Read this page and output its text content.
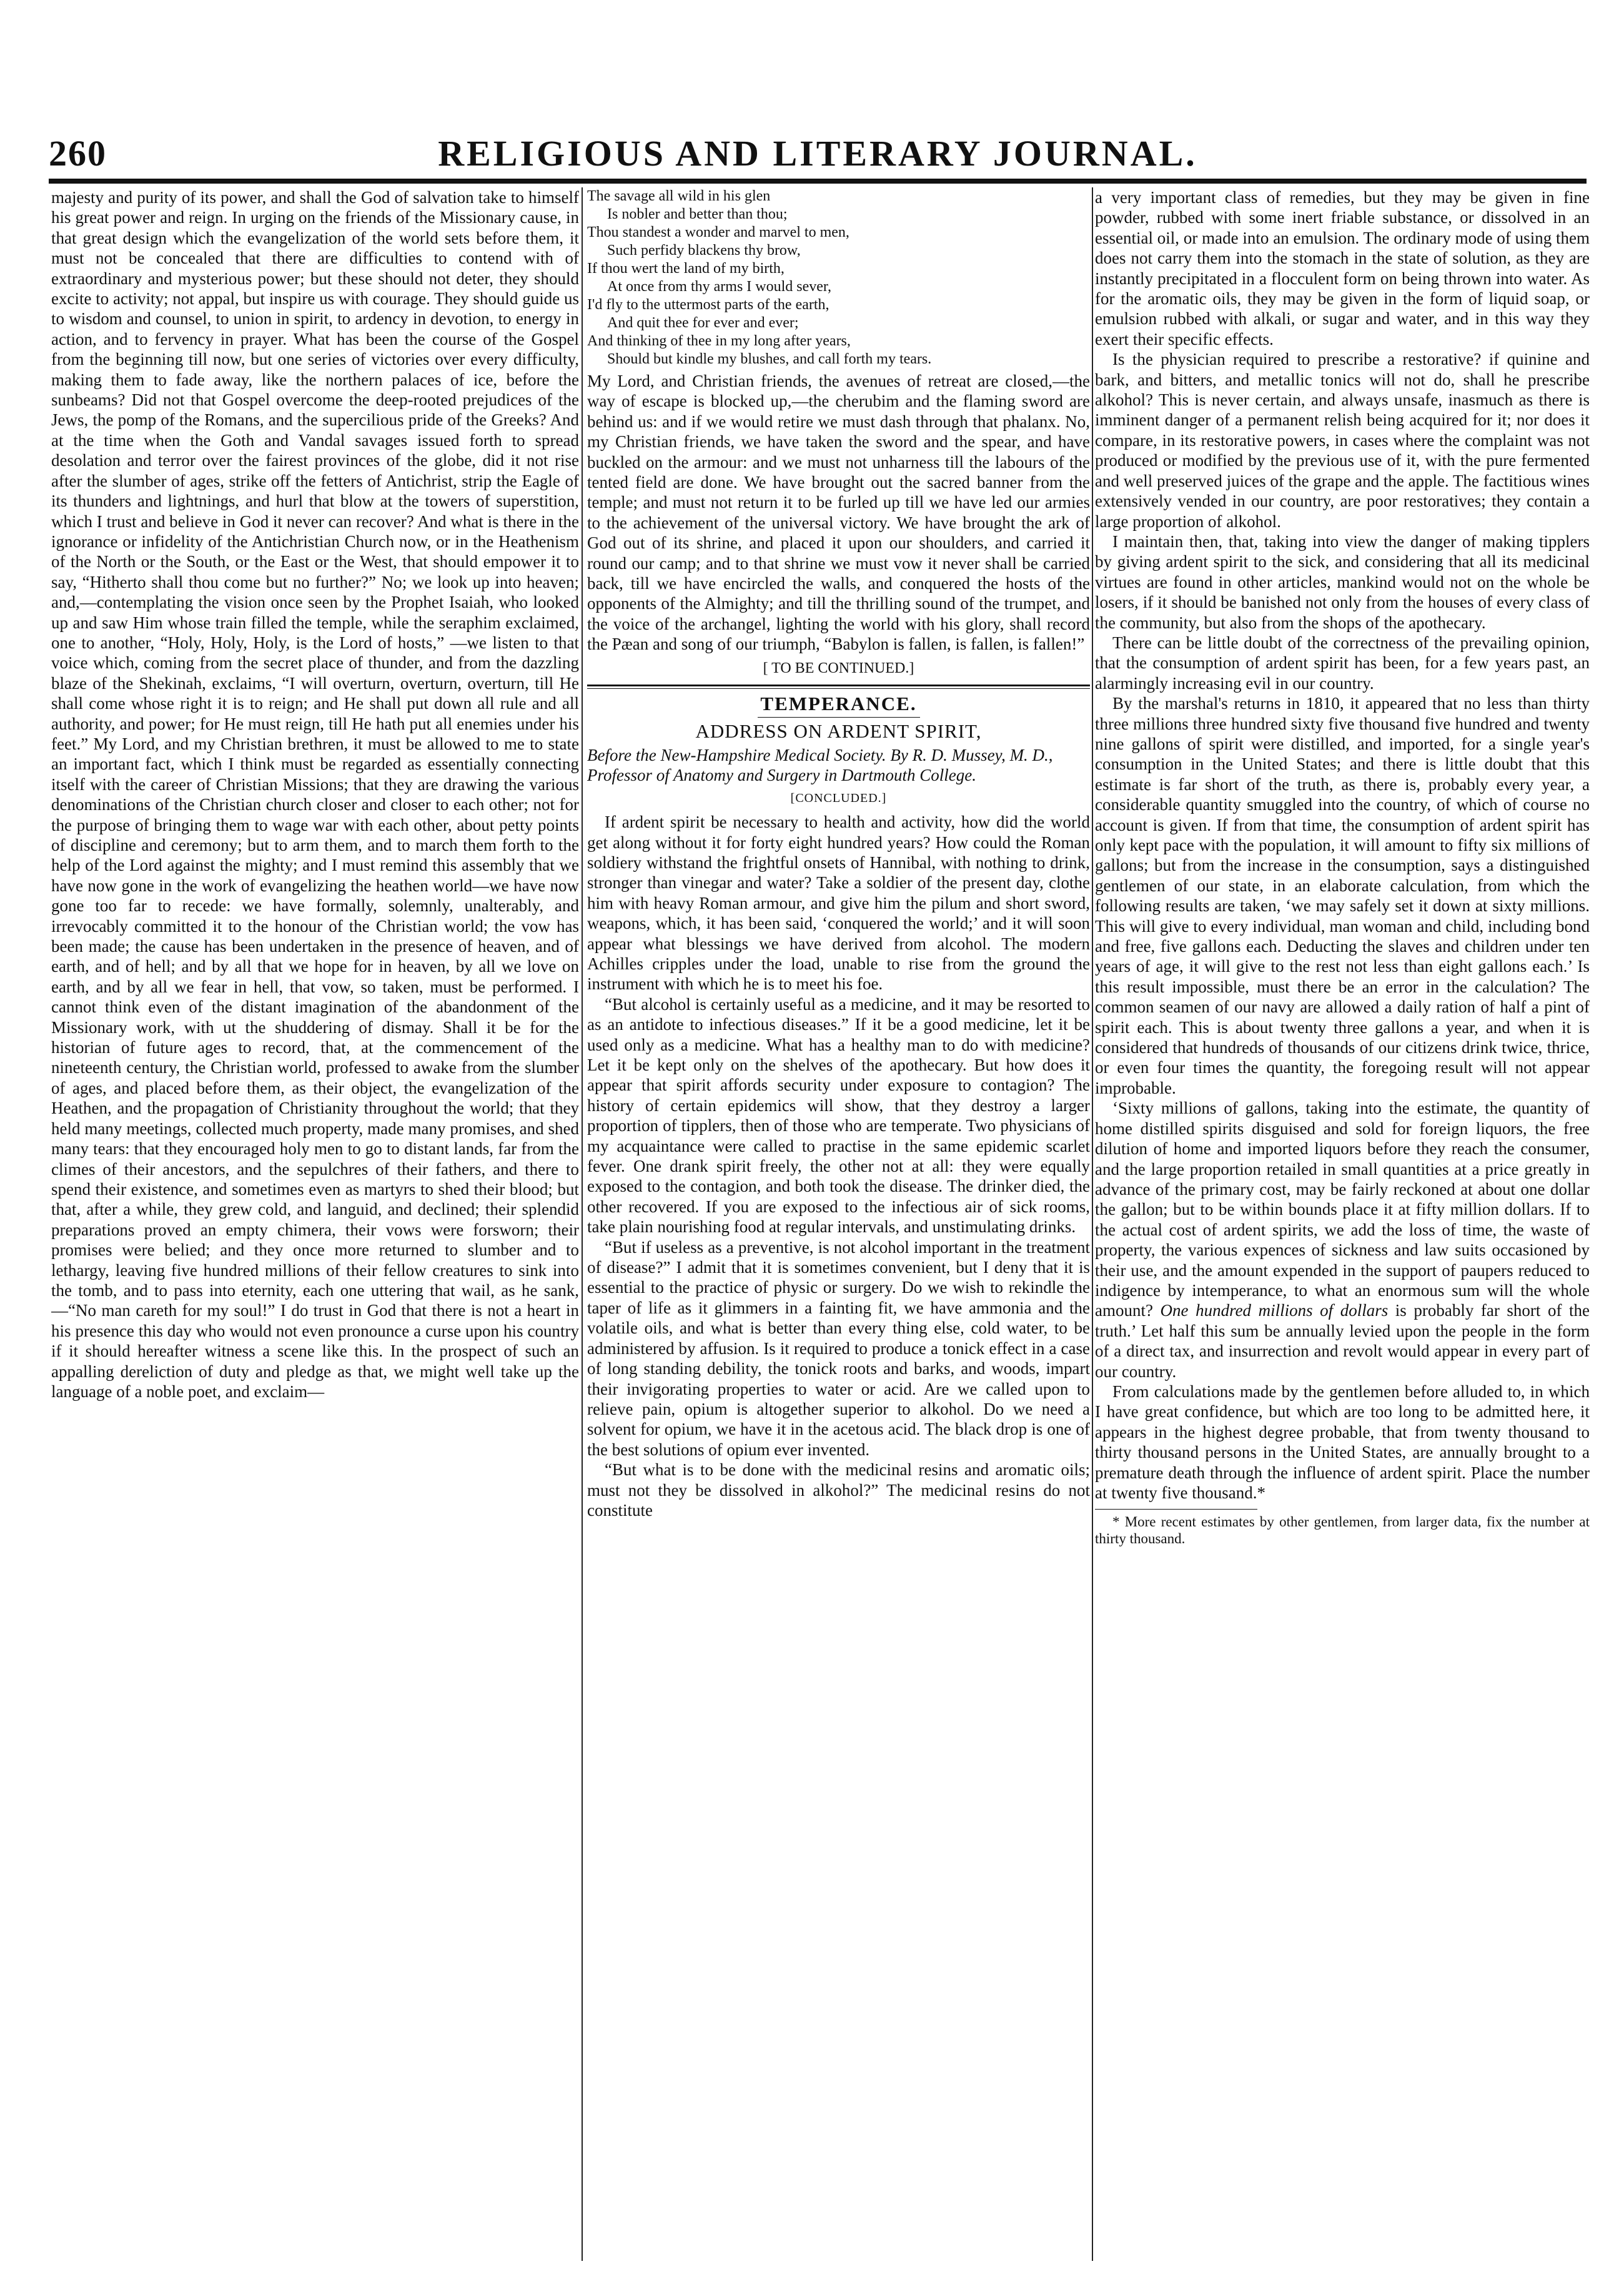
260	RELIGIOUS AND LITERARY JOURNAL.

majesty and purity of its power, and shall the God of salvation take to himself his great power and reign. In urging on the friends of the Missionary cause, in that great design which the evangelization of the world sets before them, it must not be concealed that there are difficulties to contend with of extraordinary and mysterious power; but these should not deter, they should excite to activity; not appal, but inspire us with courage. They should guide us to wisdom and counsel, to union in spirit, to ardency in devotion, to energy in action, and to fervency in prayer. What has been the course of the Gospel from the beginning till now, but one series of victories over every difficulty, making them to fade away, like the northern palaces of ice, before the sunbeams? Did not that Gospel overcome the deep-rooted prejudices of the Jews, the pomp of the Romans, and the supercilious pride of the Greeks? And at the time when the Goth and Vandal savages issued forth to spread desolation and terror over the fairest provinces of the globe, did it not rise after the slumber of ages, strike off the fetters of Antichrist, strip the Eagle of its thunders and lightnings, and hurl that blow at the towers of superstition, which I trust and believe in God it never can recover? And what is there in the ignorance or infidelity of the Antichristian Church now, or in the Heathenism of the North or the South, or the East or the West, that should empower it to say, “Hitherto shall thou come but no further?” No; we look up into heaven; and,—contemplating the vision once seen by the Prophet Isaiah, who looked up and saw Him whose train filled the temple, while the seraphim exclaimed, one to another, “Holy, Holy, Holy, is the Lord of hosts,” —we listen to that voice which, coming from the secret place of thunder, and from the dazzling blaze of the Shekinah, exclaims, “I will overturn, overturn, overturn, till He shall come whose right it is to reign; and He shall put down all rule and all authority, and power; for He must reign, till He hath put all enemies under his feet.” My Lord, and my Christian brethren, it must be allowed to me to state an important fact, which I think must be regarded as essentially connecting itself with the career of Christian Missions; that they are drawing the various denominations of the Christian church closer and closer to each other; not for the purpose of bringing them to wage war with each other, about petty points of discipline and ceremony; but to arm them, and to march them forth to the help of the Lord against the mighty; and I must remind this assembly that we have now gone in the work of evangelizing the heathen world—we have now gone too far to recede: we have formally, solemnly, unalterably, and irrevocably committed it to the honour of the Christian world; the vow has been made; the cause has been undertaken in the presence of heaven, and of earth, and of hell; and by all that we hope for in heaven, by all we love on earth, and by all we fear in hell, that vow, so taken, must be performed. I cannot think even of the distant imagination of the abandonment of the Missionary work, with ut the shuddering of dismay. Shall it be for the historian of future ages to record, that, at the commencement of the nineteenth century, the Christian world, professed to awake from the slumber of ages, and placed before them, as their object, the evangelization of the Heathen, and the propagation of Christianity throughout the world; that they held many meetings, collected much property, made many promises, and shed many tears: that they encouraged holy men to go to distant lands, far from the climes of their ancestors, and the sepulchres of their fathers, and there to spend their existence, and sometimes even as martyrs to shed their blood; but that, after a while, they grew cold, and languid, and declined; their splendid preparations proved an empty chimera, their vows were forsworn; their promises were belied; and they once more returned to slumber and to lethargy, leaving five hundred millions of their fellow creatures to sink into the tomb, and to pass into eternity, each one uttering that wail, as he sank,—“No man careth for my soul!” I do trust in God that there is not a heart in his presence this day who would not even pronounce a curse upon his country if it should hereafter witness a scene like this. In the prospect of such an appalling dereliction of duty and pledge as that, we might well take up the language of a noble poet, and exclaim—

The savage all wild in his glen
Is nobler and better than thou;
Thou standest a wonder and marvel to men,
Such perfidy blackens thy brow,
If thou wert the land of my birth,
At once from thy arms I would sever,
I'd fly to the uttermost parts of the earth,
And quit thee for ever and ever;
And thinking of thee in my long after years,
Should but kindle my blushes, and call forth my tears.

My Lord, and Christian friends, the avenues of retreat are closed,—the way of escape is blocked up,—the cherubim and the flaming sword are behind us: and if we would retire we must dash through that phalanx. No, my Christian friends, we have taken the sword and the spear, and have buckled on the armour: and we must not unharness till the labours of the tented field are done. We have brought out the sacred banner from the temple; and must not return it to be furled up till we have led our armies to the achievement of the universal victory. We have brought the ark of God out of its shrine, and placed it upon our shoulders, and carried it round our camp; and to that shrine we must vow it never shall be carried back, till we have encircled the walls, and conquered the hosts of the opponents of the Almighty; and till the thrilling sound of the trumpet, and the voice of the archangel, lighting the world with his glory, shall record the Pæan and song of our triumph, “Babylon is fallen, is fallen, is fallen!”

[ TO BE CONTINUED.]
TEMPERANCE.
ADDRESS ON ARDENT SPIRIT,
Before the New-Hampshire Medical Society. By R. D. Mussey, M. D., Professor of Anatomy and Surgery in Dartmouth College.
[CONCLUDED.]

If ardent spirit be necessary to health and activity, how did the world get along without it for forty eight hundred years? How could the Roman soldiery withstand the frightful onsets of Hannibal, with nothing to drink, stronger than vinegar and water? Take a soldier of the present day, clothe him with heavy Roman armour, and give him the pilum and short sword, weapons, which, it has been said, ‘conquered the world;’ and it will soon appear what blessings we have derived from alcohol. The modern Achilles cripples under the load, unable to rise from the ground the instrument with which he is to meet his foe.

“But alcohol is certainly useful as a medicine, and it may be resorted to as an antidote to infectious diseases.” If it be a good medicine, let it be used only as a medicine. What has a healthy man to do with medicine? Let it be kept only on the shelves of the apothecary. But how does it appear that spirit affords security under exposure to contagion? The history of certain epidemics will show, that they destroy a larger proportion of tipplers, then of those who are temperate. Two physicians of my acquaintance were called to practise in the same epidemic scarlet fever. One drank spirit freely, the other not at all: they were equally exposed to the contagion, and both took the disease. The drinker died, the other recovered. If you are exposed to the infectious air of sick rooms, take plain nourishing food at regular intervals, and unstimulating drinks.

“But if useless as a preventive, is not alcohol important in the treatment of disease?” I admit that it is sometimes convenient, but I deny that it is essential to the practice of physic or surgery. Do we wish to rekindle the taper of life as it glimmers in a fainting fit, we have ammonia and the volatile oils, and what is better than every thing else, cold water, to be administered by affusion. Is it required to produce a tonick effect in a case of long standing debility, the tonick roots and barks, and woods, impart their invigorating properties to water or acid. Are we called upon to relieve pain, opium is altogether superior to alkohol. Do we need a solvent for opium, we have it in the acetous acid. The black drop is one of the best solutions of opium ever invented.

“But what is to be done with the medicinal resins and aromatic oils; must not they be dissolved in alkohol?” The medicinal resins do not constitute

a very important class of remedies, but they may be given in fine powder, rubbed with some inert friable substance, or dissolved in an essential oil, or made into an emulsion. The ordinary mode of using them does not carry them into the stomach in the state of solution, as they are instantly precipitated in a flocculent form on being thrown into water. As for the aromatic oils, they may be given in the form of liquid soap, or emulsion rubbed with alkali, or sugar and water, and in this way they exert their specific effects.

Is the physician required to prescribe a restorative? if quinine and bark, and bitters, and metallic tonics will not do, shall he prescribe alkohol? This is never certain, and always unsafe, inasmuch as there is imminent danger of a permanent relish being acquired for it; nor does it compare, in its restorative powers, in cases where the complaint was not produced or modified by the previous use of it, with the pure fermented and well preserved juices of the grape and the apple. The factitious wines extensively vended in our country, are poor restoratives; they contain a large proportion of alkohol.

I maintain then, that, taking into view the danger of making tipplers by giving ardent spirit to the sick, and considering that all its medicinal virtues are found in other articles, mankind would not on the whole be losers, if it should be banished not only from the houses of every class of the community, but also from the shops of the apothecary.

There can be little doubt of the correctness of the prevailing opinion, that the consumption of ardent spirit has been, for a few years past, an alarmingly increasing evil in our country.

By the marshal's returns in 1810, it appeared that no less than thirty three millions three hundred sixty five thousand five hundred and twenty nine gallons of spirit were distilled, and imported, for a single year's consumption in the United States; and there is little doubt that this estimate is far short of the truth, as there is, probably every year, a considerable quantity smuggled into the country, of which of course no account is given. If from that time, the consumption of ardent spirit has only kept pace with the population, it will amount to fifty six millions of gallons; but from the increase in the consumption, says a distinguished gentlemen of our state, in an elaborate calculation, from which the following results are taken, ‘we may safely set it down at sixty millions. This will give to every individual, man woman and child, including bond and free, five gallons each. Deducting the slaves and children under ten years of age, it will give to the rest not less than eight gallons each.’ Is this result impossible, must there be an error in the calculation? The common seamen of our navy are allowed a daily ration of half a pint of spirit each. This is about twenty three gallons a year, and when it is considered that hundreds of thousands of our citizens drink twice, thrice, or even four times the quantity, the foregoing result will not appear improbable.

‘Sixty millions of gallons, taking into the estimate, the quantity of home distilled spirits disguised and sold for foreign liquors, the free dilution of home and imported liquors before they reach the consumer, and the large proportion retailed in small quantities at a price greatly in advance of the primary cost, may be fairly reckoned at about one dollar the gallon; but to be within bounds place it at fifty million dollars. If to the actual cost of ardent spirits, we add the loss of time, the waste of property, the various expences of sickness and law suits occasioned by their use, and the amount expended in the support of paupers reduced to indigence by intemperance, to what an enormous sum will the whole amount? One hundred millions of dollars is probably far short of the truth.’ Let half this sum be annually levied upon the people in the form of a direct tax, and insurrection and revolt would appear in every part of our country.

From calculations made by the gentlemen before alluded to, in which I have great confidence, but which are too long to be admitted here, it appears in the highest degree probable, that from twenty thousand to thirty thousand persons in the United States, are annually brought to a premature death through the influence of ardent spirit. Place the number at twenty five thousand.*

* More recent estimates by other gentlemen, from larger data, fix the number at thirty thousand.
